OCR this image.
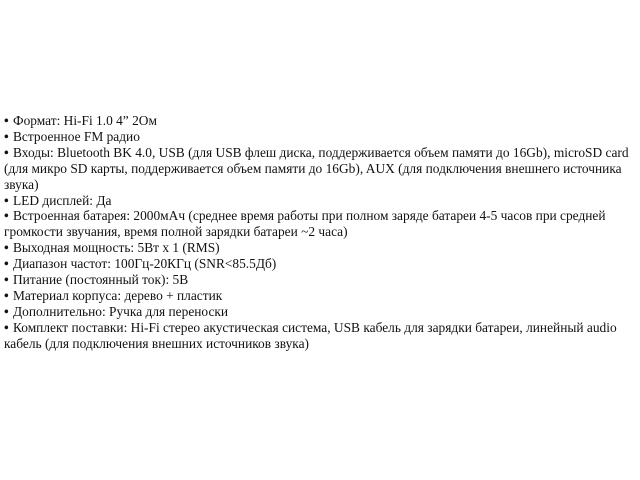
• Формат: Hi-Fi 1.0 4” 2Ом
• Встроенное FM радио
• Входы: Bluetooth BK 4.0, USB (для USB флеш диска, поддерживается объем памяти до 16Gb), microSD card (для микро SD карты, поддерживается объем памяти до 16Gb), AUX (для подключения внешнего источника звука)
• LED дисплей: Да
• Встроенная батарея: 2000мАч (среднее время работы при полном заряде батареи 4-5 часов при средней громкости звучания, время полной зарядки батареи ~2 часа)
• Выходная мощность: 5Вт х 1 (RMS)
• Диапазон частот: 100Гц-20КГц (SNR<85.5Дб)
• Питание (постоянный ток): 5В
• Материал корпуса: дерево + пластик
• Дополнительно: Ручка для переноски
• Комплект поставки: Hi-Fi стерео акустическая система, USB кабель для зарядки батареи, линейный audio кабель (для подключения внешних источников звука)
